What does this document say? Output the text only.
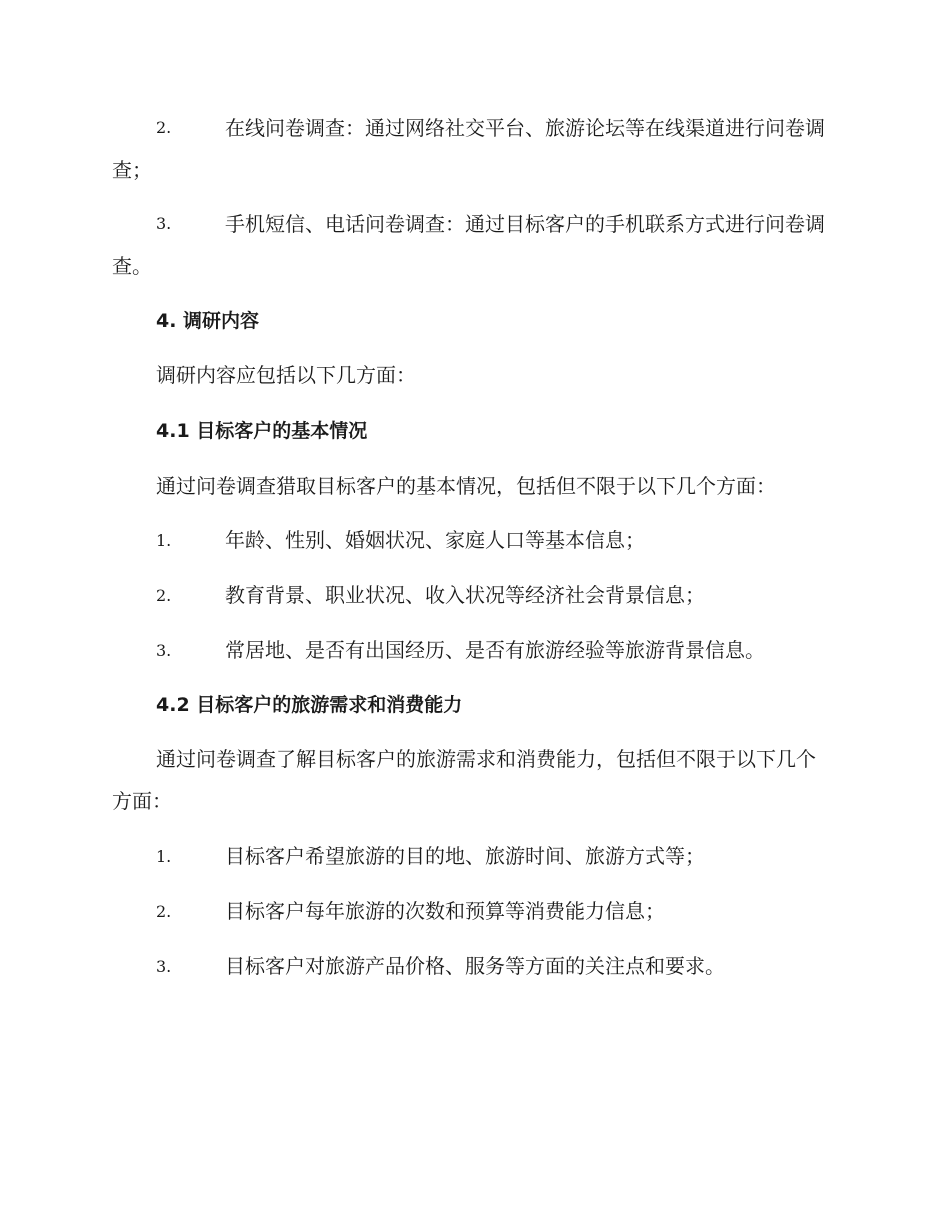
2.	在线问卷调查：通过网络社交平台、旅游论坛等在线渠道进行问卷调查；
3.	手机短信、电话问卷调查：通过目标客户的手机联系方式进行问卷调查。
4. 调研内容
调研内容应包括以下几方面：
4.1 目标客户的基本情况
通过问卷调查猎取目标客户的基本情况，包括但不限于以下几个方面：
1.	年龄、性别、婚姻状况、家庭人口等基本信息；
2.	教育背景、职业状况、收入状况等经济社会背景信息；
3.	常居地、是否有出国经历、是否有旅游经验等旅游背景信息。
4.2 目标客户的旅游需求和消费能力
通过问卷调查了解目标客户的旅游需求和消费能力，包括但不限于以下几个方面：
1.	目标客户希望旅游的目的地、旅游时间、旅游方式等；
2.	目标客户每年旅游的次数和预算等消费能力信息；
3.	目标客户对旅游产品价格、服务等方面的关注点和要求。
